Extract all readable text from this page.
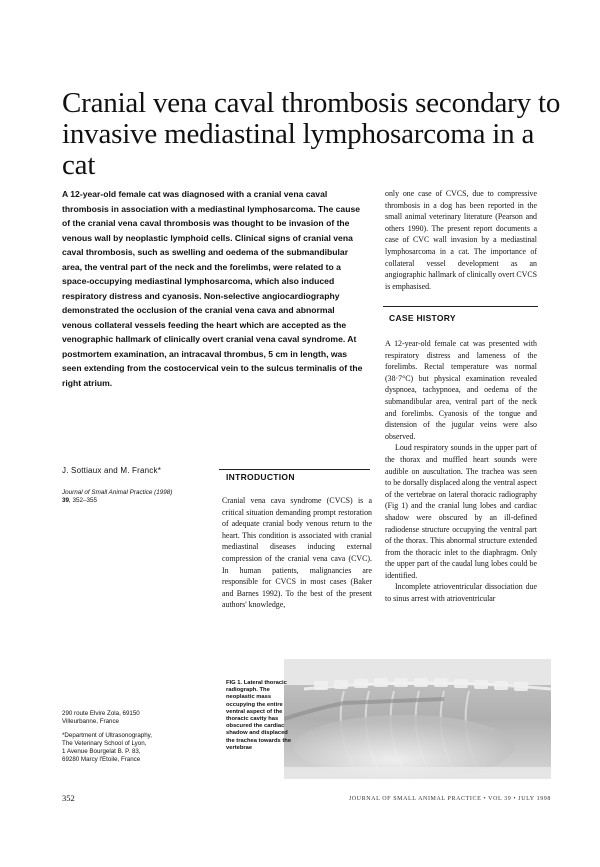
Cranial vena caval thrombosis secondary to invasive mediastinal lymphosarcoma in a cat

A 12-year-old female cat was diagnosed with a cranial vena caval thrombosis in association with a mediastinal lymphosarcoma. The cause of the cranial vena caval thrombosis was thought to be invasion of the venous wall by neoplastic lymphoid cells. Clinical signs of cranial vena caval thrombosis, such as swelling and oedema of the submandibular area, the ventral part of the neck and the forelimbs, were related to a space-occupying mediastinal lymphosarcoma, which also induced respiratory distress and cyanosis. Non-selective angiocardiography demonstrated the occlusion of the cranial vena cava and abnormal venous collateral vessels feeding the heart which are accepted as the venographic hallmark of clinically overt cranial vena caval syndrome. At postmortem examination, an intracaval thrombus, 5 cm in length, was seen extending from the costocervical vein to the sulcus terminalis of the right atrium.

only one case of CVCS, due to compressive thrombosis in a dog has been reported in the small animal veterinary literature (Pearson and others 1990). The present report documents a case of CVC wall invasion by a mediastinal lymphosarcoma in a cat. The importance of collateral vessel development as an angiographic hallmark of clinically overt CVCS is emphasised.

CASE HISTORY

A 12-year-old female cat was presented with respiratory distress and lameness of the forelimbs. Rectal temperature was normal (38·7°C) but physical examination revealed dyspnoea, tachypnoea, and oedema of the submandibular area, ventral part of the neck and forelimbs. Cyanosis of the tongue and distension of the jugular veins were also observed.

Loud respiratory sounds in the upper part of the thorax and muffled heart sounds were audible on auscultation. The trachea was seen to be dorsally displaced along the ventral aspect of the vertebrae on lateral thoracic radiography (Fig 1) and the cranial lung lobes and cardiac shadow were obscured by an ill-defined radiodense structure occupying the ventral part of the thorax. This abnormal structure extended from the thoracic inlet to the diaphragm. Only the upper part of the caudal lung lobes could be identified.

Incomplete atrioventricular dissociation due to sinus arrest with atrioventricular

J. Sottiaux and M. Franck*
Journal of Small Animal Practice (1998)
39, 352–355
INTRODUCTION

Cranial vena cava syndrome (CVCS) is a critical situation demanding prompt restoration of adequate cranial body venous return to the heart. This condition is associated with cranial mediastinal diseases inducing external compression of the cranial vena cava (CVC). In human patients, malignancies are responsible for CVCS in most cases (Baker and Barnes 1992). To the best of the present authors' knowledge,

290 route Elvire Zola, 69150
Villeurbanne, France
*Department of Ultrasonography,
The Veterinary School of Lyon,
1 Avenue Bourgelat B. P. 83,
69280 Marcy l'Etoile, France
FIG 1. Lateral thoracic radiograph. The neoplastic mass occupying the entire ventral aspect of the thoracic cavity has obscured the cardiac shadow and displaced the trachea towards the vertebrae
352	JOURNAL OF SMALL ANIMAL PRACTICE • VOL 39 • JULY 1998
